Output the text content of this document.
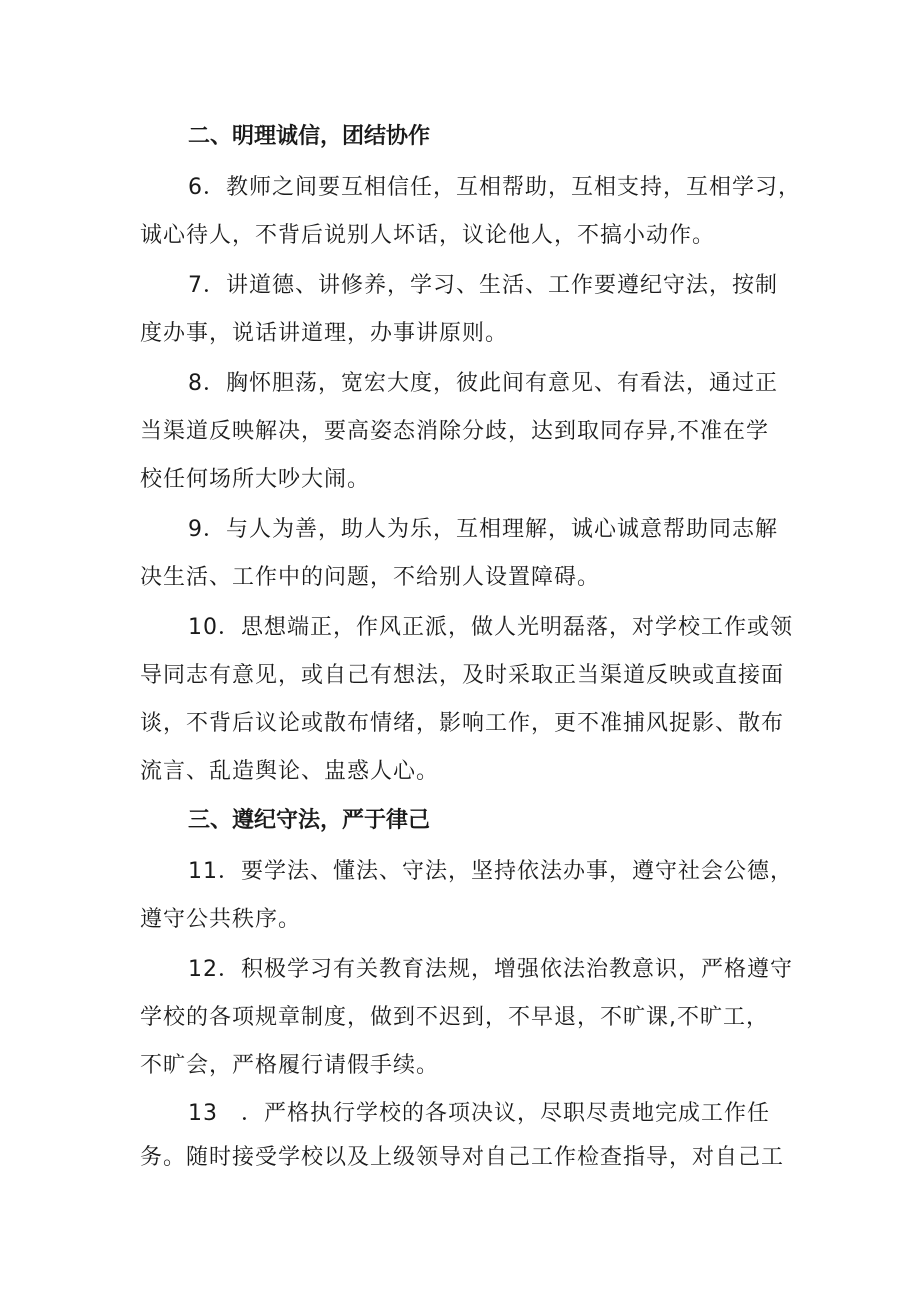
二、明理诚信，团结协作
6．教师之间要互相信任，互相帮助，互相支持，互相学习，
诚心待人，不背后说别人坏话，议论他人，不搞小动作。
7．讲道德、讲修养，学习、生活、工作要遵纪守法，按制
度办事，说话讲道理，办事讲原则。
8．胸怀胆荡，宽宏大度，彼此间有意见、有看法，通过正
当渠道反映解决，要高姿态消除分歧，达到取同存异,不准在学
校任何场所大吵大闹。
9．与人为善，助人为乐，互相理解，诚心诚意帮助同志解
决生活、工作中的问题，不给别人设置障碍。
10．思想端正，作风正派，做人光明磊落，对学校工作或领
导同志有意见，或自己有想法，及时采取正当渠道反映或直接面
谈，不背后议论或散布情绪，影响工作，更不准捕风捉影、散布
流言、乱造舆论、盅惑人心。
三、遵纪守法，严于律己
11．要学法、懂法、守法，坚持依法办事，遵守社会公德，
遵守公共秩序。
12．积极学习有关教育法规，增强依法治教意识，严格遵守
学校的各项规章制度，做到不迟到，不早退，不旷课,不旷工，
不旷会，严格履行请假手续。
13　．严格执行学校的各项决议，尽职尽责地完成工作任
务。随时接受学校以及上级领导对自己工作检查指导，对自己工
